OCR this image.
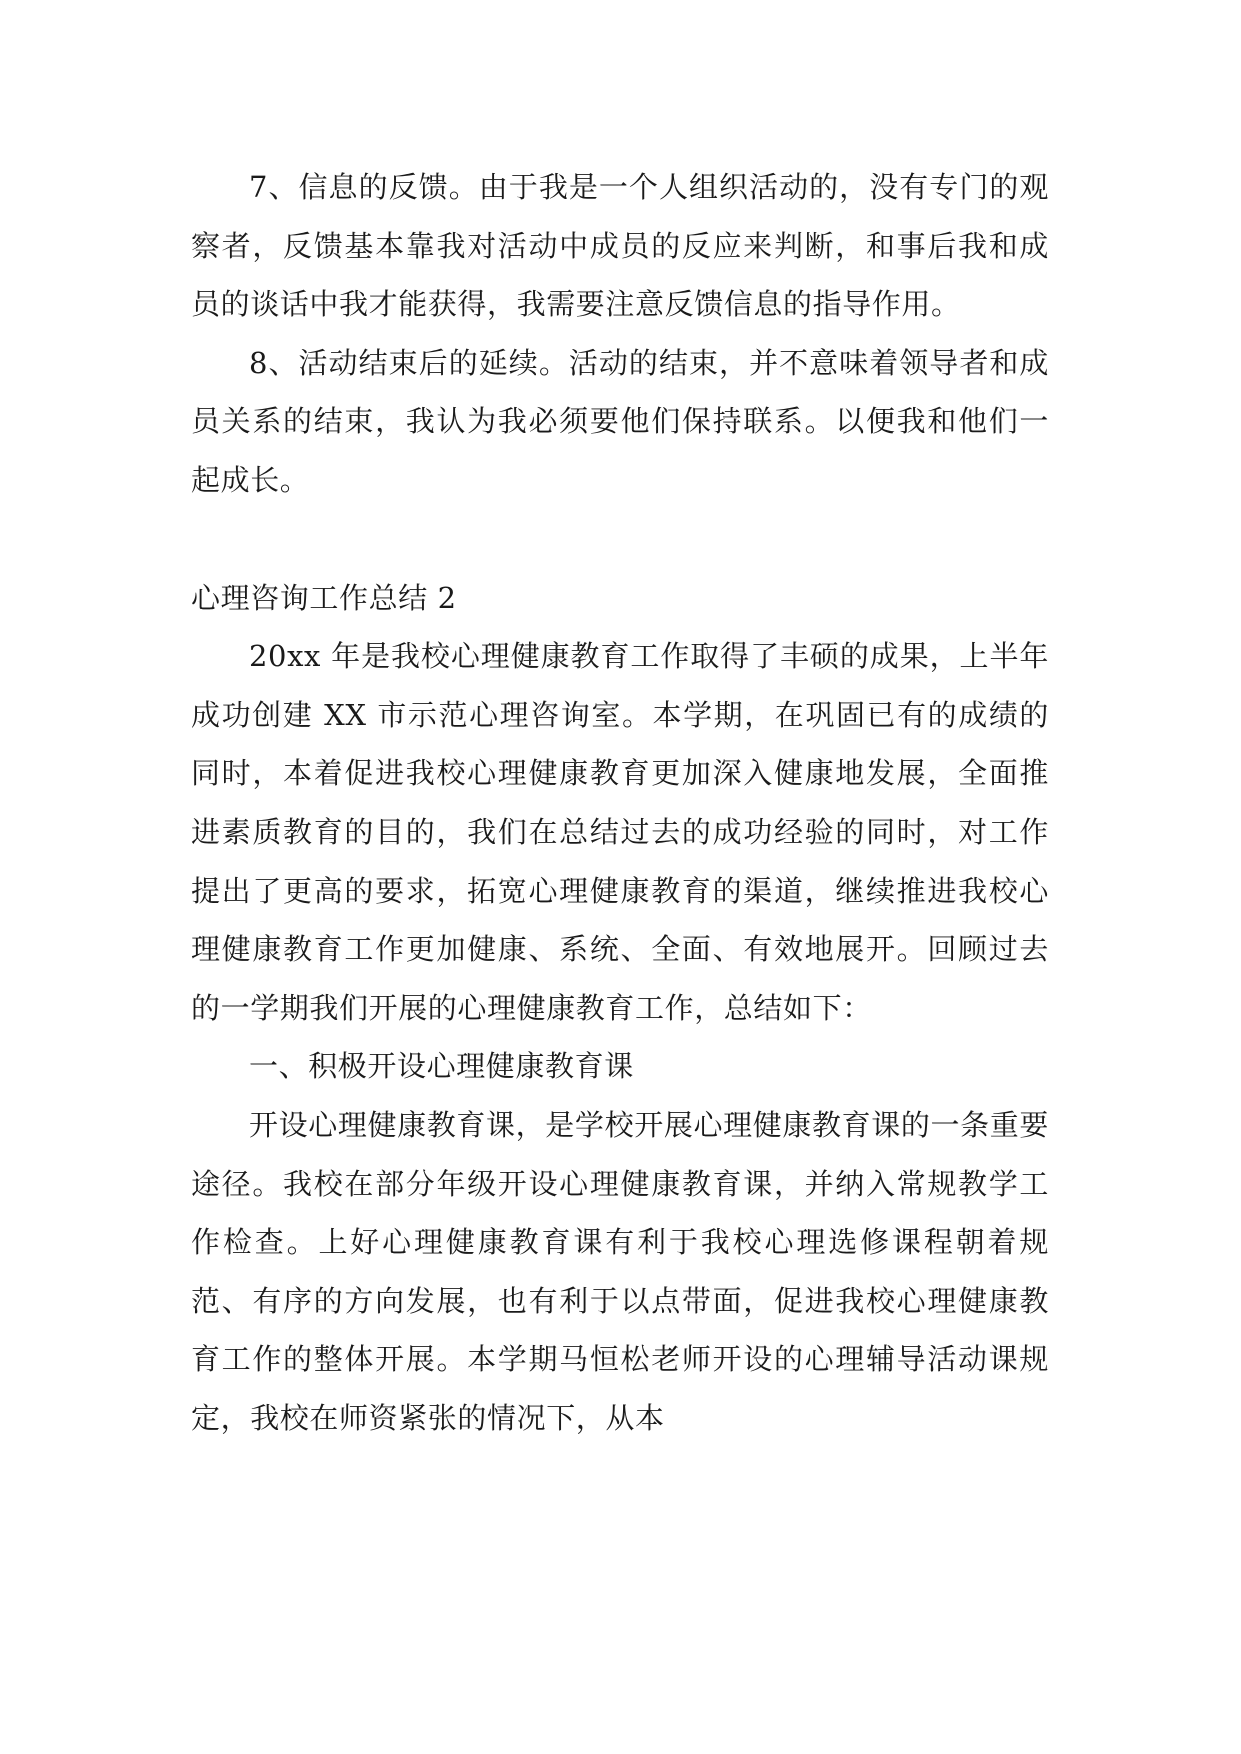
7、信息的反馈。由于我是一个人组织活动的，没有专门的观察者，反馈基本靠我对活动中成员的反应来判断，和事后我和成员的谈话中我才能获得，我需要注意反馈信息的指导作用。

8、活动结束后的延续。活动的结束，并不意味着领导者和成员关系的结束，我认为我必须要他们保持联系。以便我和他们一起成长。

心理咨询工作总结 2

20xx 年是我校心理健康教育工作取得了丰硕的成果，上半年成功创建 XX 市示范心理咨询室。本学期，在巩固已有的成绩的同时，本着促进我校心理健康教育更加深入健康地发展，全面推进素质教育的目的，我们在总结过去的成功经验的同时，对工作提出了更高的要求，拓宽心理健康教育的渠道，继续推进我校心理健康教育工作更加健康、系统、全面、有效地展开。回顾过去的一学期我们开展的心理健康教育工作，总结如下：

一、积极开设心理健康教育课

开设心理健康教育课，是学校开展心理健康教育课的一条重要途径。我校在部分年级开设心理健康教育课，并纳入常规教学工作检查。上好心理健康教育课有利于我校心理选修课程朝着规范、有序的方向发展，也有利于以点带面，促进我校心理健康教育工作的整体开展。本学期马恒松老师开设的心理辅导活动课规定，我校在师资紧张的情况下，从本
